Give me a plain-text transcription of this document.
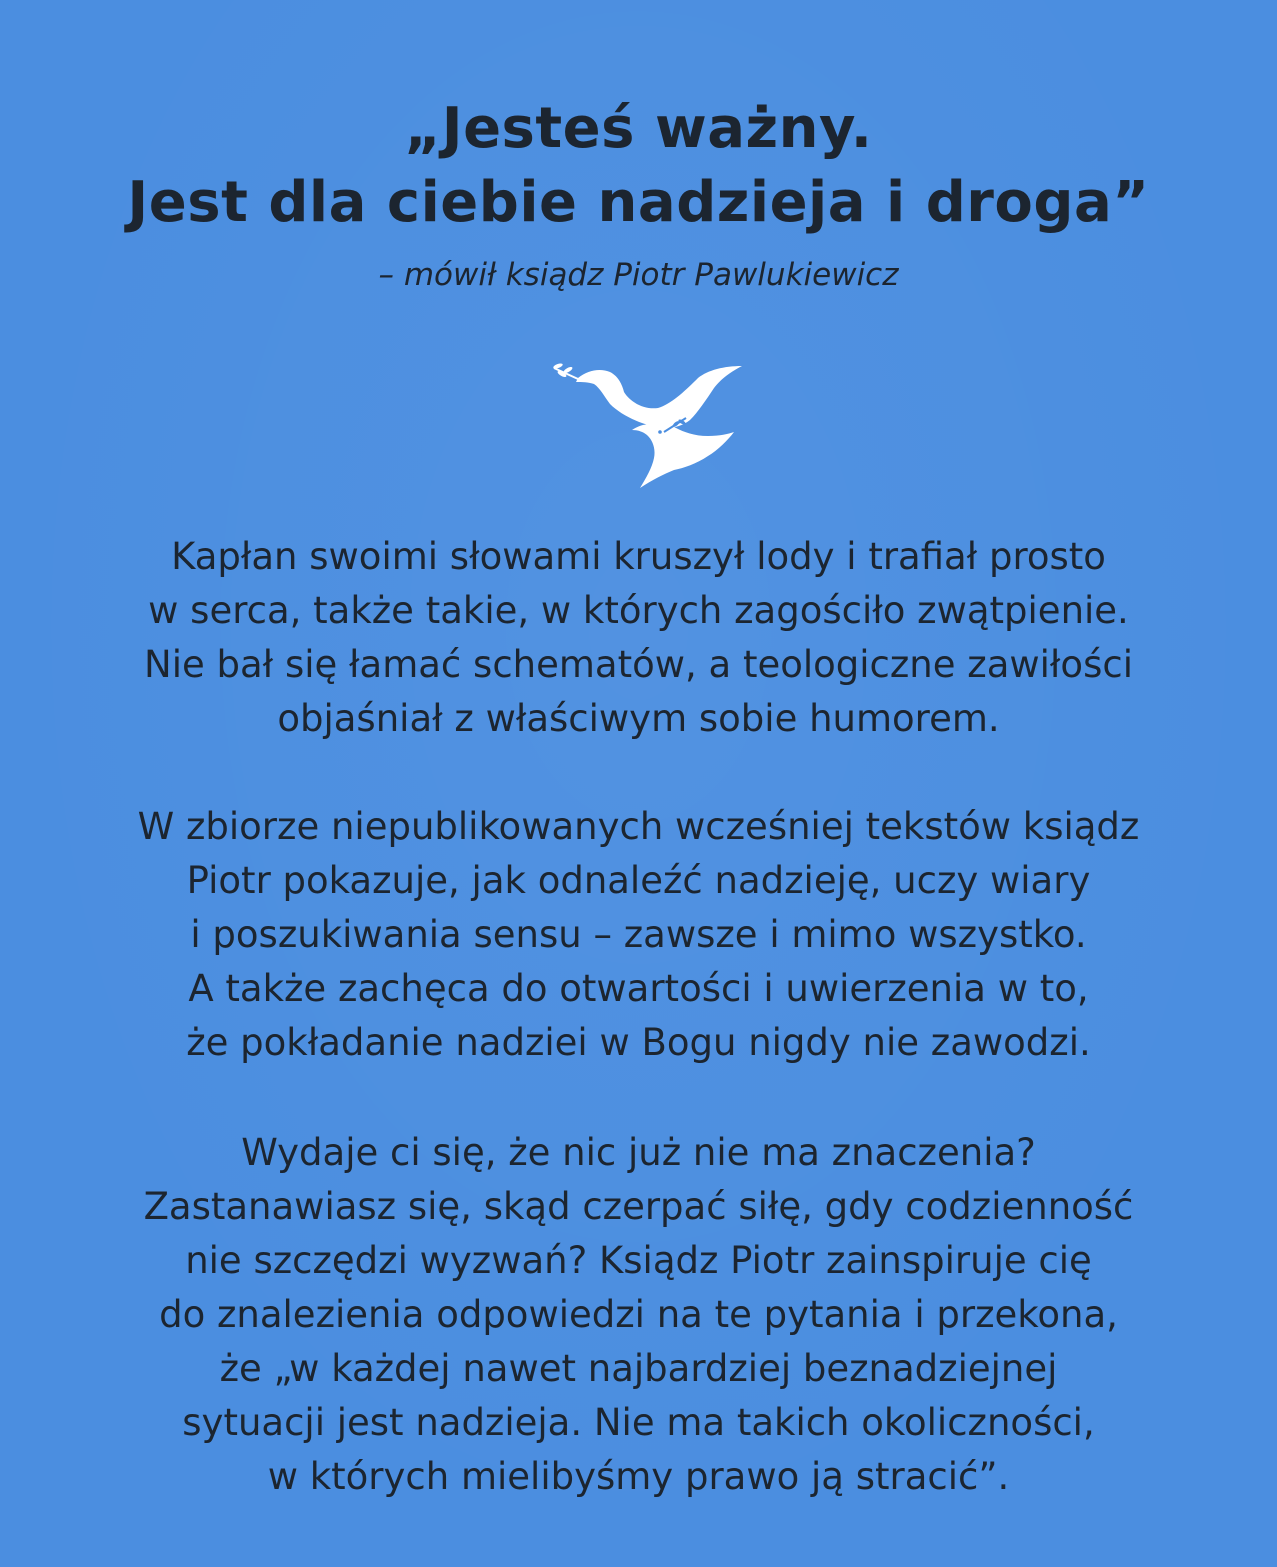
„Jesteś ważny.
Jest dla ciebie nadzieja i droga”
– mówił ksiądz Piotr Pawlukiewicz
Kapłan swoimi słowami kruszył lody i trafiał prosto
w serca, także takie, w których zagościło zwątpienie.
Nie bał się łamać schematów, a teologiczne zawiłości
objaśniał z właściwym sobie humorem.
W zbiorze niepublikowanych wcześniej tekstów ksiądz
Piotr pokazuje, jak odnaleźć nadzieję, uczy wiary
i poszukiwania sensu – zawsze i mimo wszystko.
A także zachęca do otwartości i uwierzenia w to,
że pokładanie nadziei w Bogu nigdy nie zawodzi.
Wydaje ci się, że nic już nie ma znaczenia?
Zastanawiasz się, skąd czerpać siłę, gdy codzienność
nie szczędzi wyzwań? Ksiądz Piotr zainspiruje cię
do znalezienia odpowiedzi na te pytania i przekona,
że „w każdej nawet najbardziej beznadziejnej
sytuacji jest nadzieja. Nie ma takich okoliczności,
w których mielibyśmy prawo ją stracić”.
